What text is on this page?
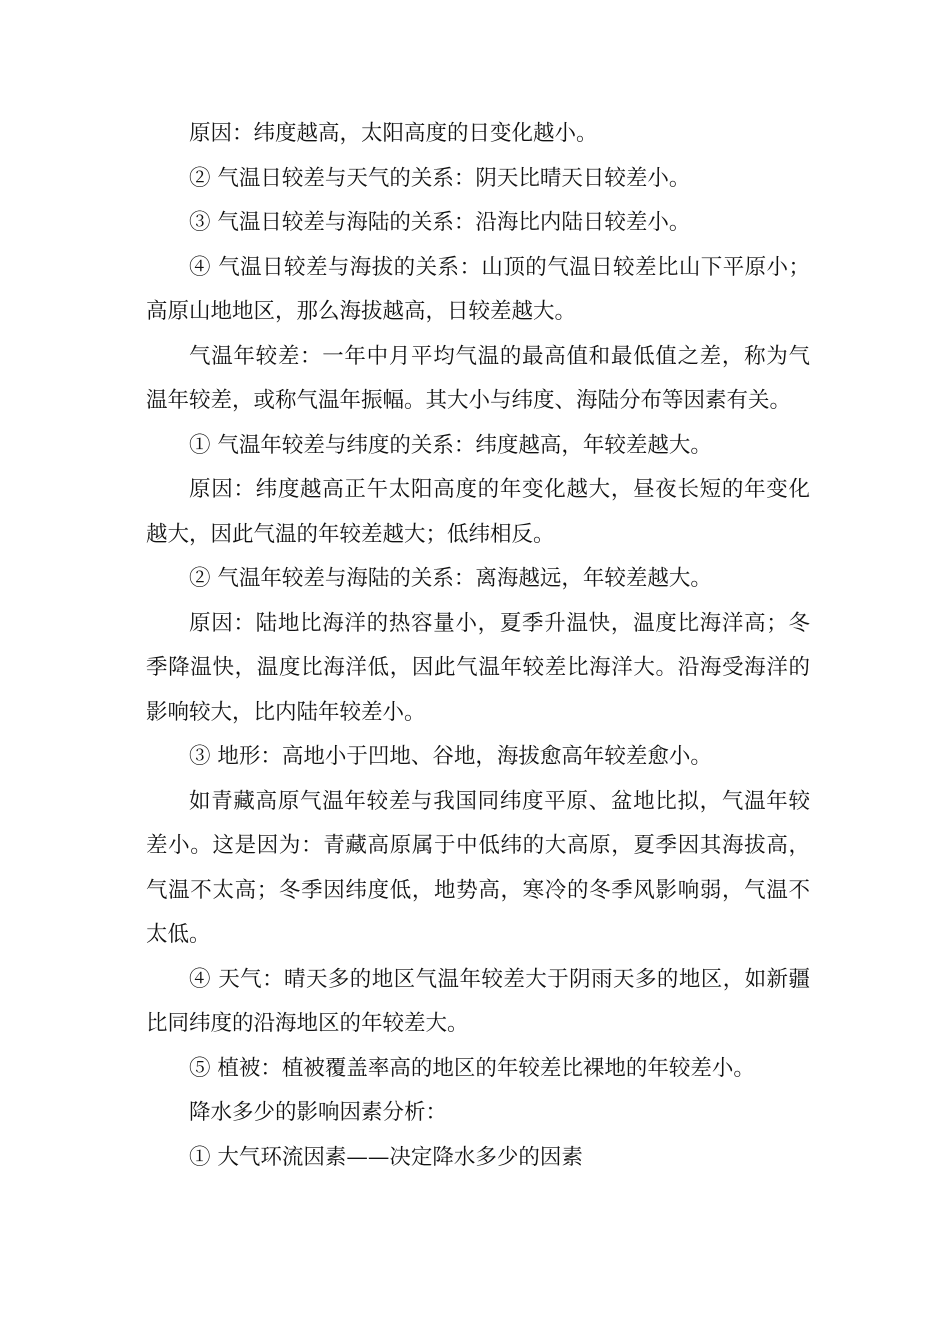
原因：纬度越高，太阳高度的日变化越小。

② 气温日较差与天气的关系：阴天比晴天日较差小。

③ 气温日较差与海陆的关系：沿海比内陆日较差小。

④ 气温日较差与海拔的关系：山顶的气温日较差比山下平原小；高原山地地区，那么海拔越高，日较差越大。

气温年较差：一年中月平均气温的最高值和最低值之差，称为气温年较差，或称气温年振幅。其大小与纬度、海陆分布等因素有关。

① 气温年较差与纬度的关系：纬度越高，年较差越大。

原因：纬度越高正午太阳高度的年变化越大，昼夜长短的年变化越大，因此气温的年较差越大；低纬相反。

② 气温年较差与海陆的关系：离海越远，年较差越大。

原因：陆地比海洋的热容量小，夏季升温快，温度比海洋高；冬季降温快，温度比海洋低，因此气温年较差比海洋大。沿海受海洋的影响较大，比内陆年较差小。

③ 地形：高地小于凹地、谷地，海拔愈高年较差愈小。

如青藏高原气温年较差与我国同纬度平原、盆地比拟，气温年较差小。这是因为：青藏高原属于中低纬的大高原，夏季因其海拔高，气温不太高；冬季因纬度低，地势高，寒冷的冬季风影响弱，气温不太低。

④ 天气：晴天多的地区气温年较差大于阴雨天多的地区，如新疆比同纬度的沿海地区的年较差大。

⑤ 植被：植被覆盖率高的地区的年较差比裸地的年较差小。

降水多少的影响因素分析：

① 大气环流因素——决定降水多少的因素
